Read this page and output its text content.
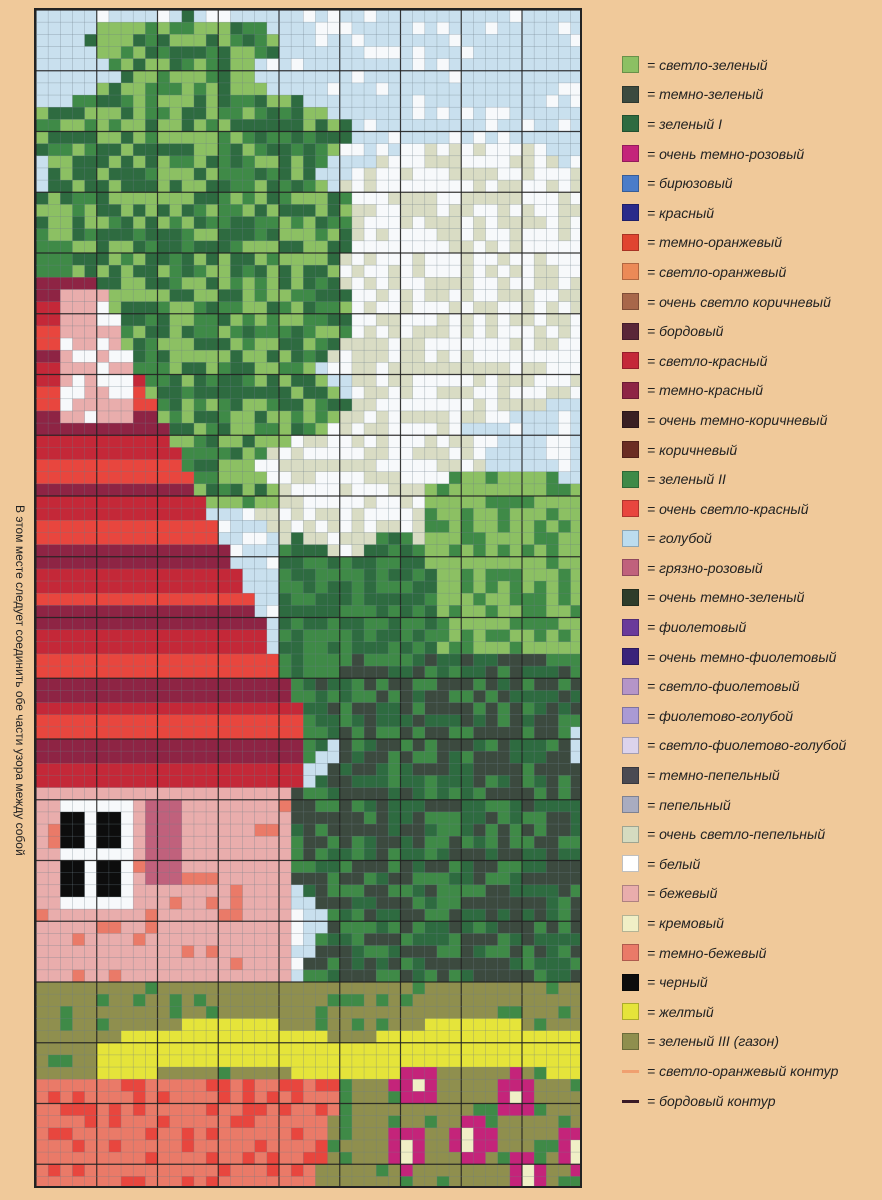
В этом месте следует соединить обе части узора между собой
= светло-зеленый
= темно-зеленый
= зеленый I
= очень темно-розовый
= бирюзовый
= красный
= темно-оранжевый
= светло-оранжевый
= очень светло коричневый
= бордовый
= светло-красный
= темно-красный
= очень темно-коричневый
= коричневый
= зеленый II
= очень светло-красный
= голубой
= грязно-розовый
= очень темно-зеленый
= фиолетовый
= очень темно-фиолетовый
= светло-фиолетовый
= фиолетово-голубой
= светло-фиолетово-голубой
= темно-пепельный
= пепельный
= очень светло-пепельный
= белый
= бежевый
= кремовый
= темно-бежевый
= черный
= желтый
= зеленый III (газон)
= светло-оранжевый контур
= бордовый контур
